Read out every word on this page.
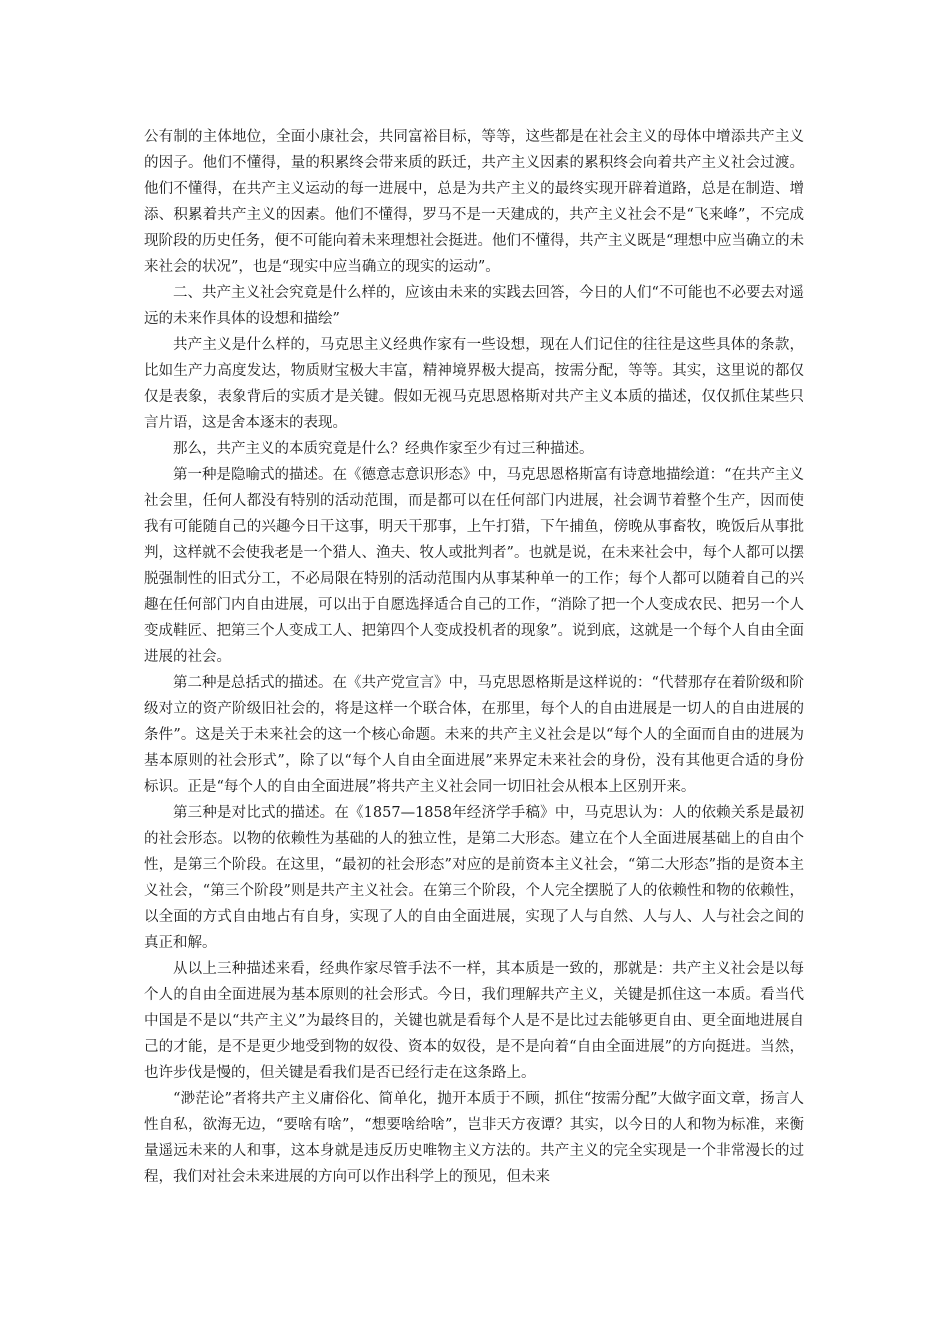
公有制的主体地位，全面小康社会，共同富裕目标，等等，这些都是在社会主义的母体中增添共产主义的因子。他们不懂得，量的积累终会带来质的跃迁，共产主义因素的累积终会向着共产主义社会过渡。他们不懂得，在共产主义运动的每一进展中，总是为共产主义的最终实现开辟着道路，总是在制造、增添、积累着共产主义的因素。他们不懂得，罗马不是一天建成的，共产主义社会不是“飞来峰”，不完成现阶段的历史任务，便不可能向着未来理想社会挺进。他们不懂得，共产主义既是“理想中应当确立的未来社会的状况”，也是“现实中应当确立的现实的运动”。

二、共产主义社会究竟是什么样的，应该由未来的实践去回答，今日的人们“不可能也不必要去对遥远的未来作具体的设想和描绘”

共产主义是什么样的，马克思主义经典作家有一些设想，现在人们记住的往往是这些具体的条款，比如生产力高度发达，物质财宝极大丰富，精神境界极大提高，按需分配，等等。其实，这里说的都仅仅是表象，表象背后的实质才是关键。假如无视马克思恩格斯对共产主义本质的描述，仅仅抓住某些只言片语，这是舍本逐末的表现。

那么，共产主义的本质究竟是什么？经典作家至少有过三种描述。

第一种是隐喻式的描述。在《德意志意识形态》中，马克思恩格斯富有诗意地描绘道：“在共产主义社会里，任何人都没有特别的活动范围，而是都可以在任何部门内进展，社会调节着整个生产，因而使我有可能随自己的兴趣今日干这事，明天干那事，上午打猎，下午捕鱼，傍晚从事畜牧，晚饭后从事批判，这样就不会使我老是一个猎人、渔夫、牧人或批判者”。也就是说，在未来社会中，每个人都可以摆脱强制性的旧式分工，不必局限在特别的活动范围内从事某种单一的工作；每个人都可以随着自己的兴趣在任何部门内自由进展，可以出于自愿选择适合自己的工作，“消除了把一个人变成农民、把另一个人变成鞋匠、把第三个人变成工人、把第四个人变成投机者的现象”。说到底，这就是一个每个人自由全面进展的社会。

第二种是总括式的描述。在《共产党宣言》中，马克思恩格斯是这样说的：“代替那存在着阶级和阶级对立的资产阶级旧社会的，将是这样一个联合体，在那里，每个人的自由进展是一切人的自由进展的条件”。这是关于未来社会的这一个核心命题。未来的共产主义社会是以“每个人的全面而自由的进展为基本原则的社会形式”，除了以“每个人自由全面进展”来界定未来社会的身份，没有其他更合适的身份标识。正是“每个人的自由全面进展”将共产主义社会同一切旧社会从根本上区别开来。

第三种是对比式的描述。在《1857—1858年经济学手稿》中，马克思认为：人的依赖关系是最初的社会形态。以物的依赖性为基础的人的独立性，是第二大形态。建立在个人全面进展基础上的自由个性，是第三个阶段。在这里，“最初的社会形态”对应的是前资本主义社会，“第二大形态”指的是资本主义社会，“第三个阶段”则是共产主义社会。在第三个阶段，个人完全摆脱了人的依赖性和物的依赖性，以全面的方式自由地占有自身，实现了人的自由全面进展，实现了人与自然、人与人、人与社会之间的真正和解。

从以上三种描述来看，经典作家尽管手法不一样，其本质是一致的，那就是：共产主义社会是以每个人的自由全面进展为基本原则的社会形式。今日，我们理解共产主义，关键是抓住这一本质。看当代中国是不是以“共产主义”为最终目的，关键也就是看每个人是不是比过去能够更自由、更全面地进展自己的才能，是不是更少地受到物的奴役、资本的奴役，是不是向着“自由全面进展”的方向挺进。当然，也许步伐是慢的，但关键是看我们是否已经行走在这条路上。

“渺茫论”者将共产主义庸俗化、简单化，抛开本质于不顾，抓住“按需分配”大做字面文章，扬言人性自私，欲海无边，“要啥有啥”，“想要啥给啥”，岂非天方夜谭？其实，以今日的人和物为标准，来衡量遥远未来的人和事，这本身就是违反历史唯物主义方法的。共产主义的完全实现是一个非常漫长的过程，我们对社会未来进展的方向可以作出科学上的预见，但未来
